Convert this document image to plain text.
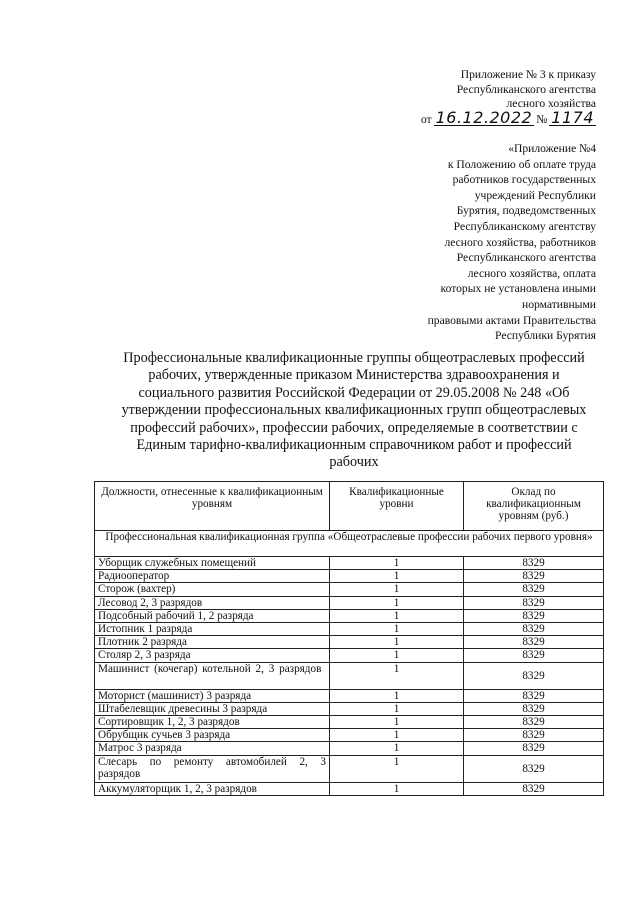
Приложение № 3 к приказу
Республиканского агентства
лесного хозяйства
от 16.12.2022 № 1174
«Приложение №4
к Положению об оплате труда
работников государственных
учреждений Республики
Бурятия, подведомственных
Республиканскому агентству
лесного хозяйства, работников
Республиканского агентства
лесного хозяйства, оплата
которых не установлена иными
нормативными
правовыми актами Правительства
Республики Бурятия
Профессиональные квалификационные группы общеотраслевых профессий рабочих, утвержденные приказом Министерства здравоохранения и социального развития Российской Федерации от 29.05.2008 № 248 «Об утверждении профессиональных квалификационных групп общеотраслевых профессий рабочих», профессии рабочих, определяемые в соответствии с Единым тарифно-квалификационным справочником работ и профессий рабочих
Должности, отнесенные к квалификационным уровням	Квалификационные уровни	Оклад по квалификационным уровням (руб.)
Профессиональная квалификационная группа «Общеотраслевые профессии рабочих первого уровня»		
Уборщик служебных помещений	1	8329
Радиооператор	1	8329
Сторож (вахтер)	1	8329
Лесовод 2, 3 разрядов	1	8329
Подсобный рабочий 1, 2 разряда	1	8329
Истопник 1 разряда	1	8329
Плотник 2 разряда	1	8329
Столяр 2, 3 разряда	1	8329
Машинист (кочегар) котельной 2, 3 разрядов	1	8329
Моторист (машинист) 3 разряда	1	8329
Штабелевщик древесины 3 разряда	1	8329
Сортировщик 1, 2, 3 разрядов	1	8329
Обрубщик сучьев 3 разряда	1	8329
Матрос 3 разряда	1	8329
Слесарь по ремонту автомобилей 2, 3 разрядов	1	8329
Аккумуляторщик 1, 2, 3 разрядов	1	8329
